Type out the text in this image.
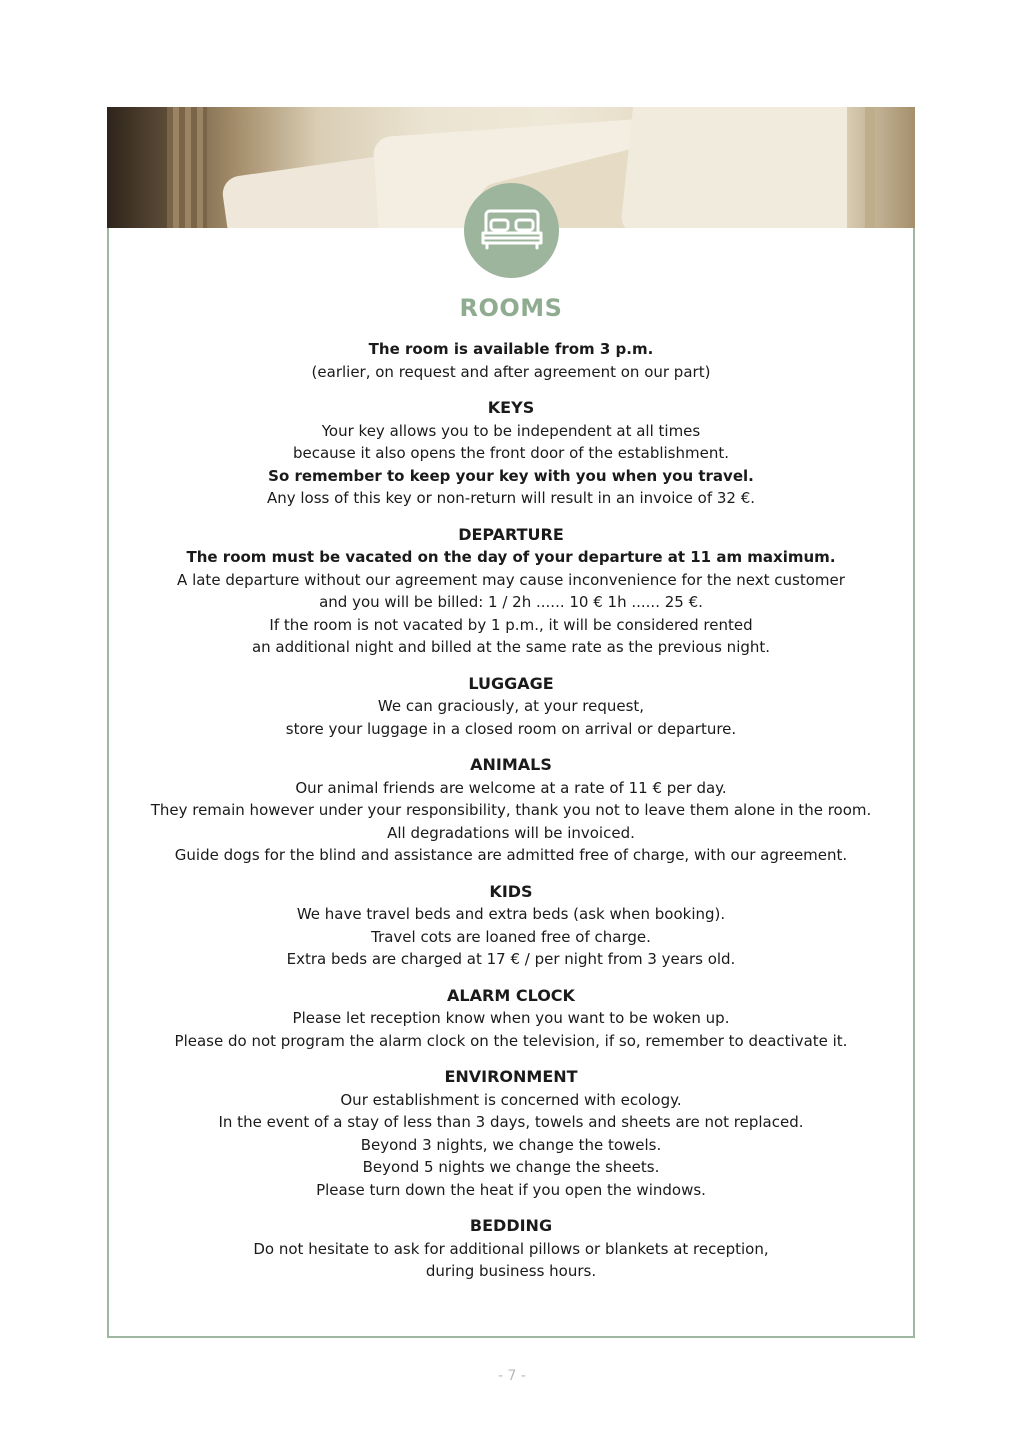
ROOMS
The room is available from 3 p.m.
(earlier, on request and after agreement on our part)
KEYS
Your key allows you to be independent at all times
because it also opens the front door of the establishment.
So remember to keep your key with you when you travel.
Any loss of this key or non-return will result in an invoice of 32 €.
DEPARTURE
The room must be vacated on the day of your departure at 11 am maximum.
A late departure without our agreement may cause inconvenience for the next customer
and you will be billed: 1 / 2h ...... 10 € 1h ...... 25 €.
If the room is not vacated by 1 p.m., it will be considered rented
an additional night and billed at the same rate as the previous night.
LUGGAGE
We can graciously, at your request,
store your luggage in a closed room on arrival or departure.
ANIMALS
Our animal friends are welcome at a rate of 11 € per day.
They remain however under your responsibility, thank you not to leave them alone in the room.
All degradations will be invoiced.
Guide dogs for the blind and assistance are admitted free of charge, with our agreement.
KIDS
We have travel beds and extra beds (ask when booking).
Travel cots are loaned free of charge.
Extra beds are charged at 17 € / per night from 3 years old.
ALARM CLOCK
Please let reception know when you want to be woken up.
Please do not program the alarm clock on the television, if so, remember to deactivate it.
ENVIRONMENT
Our establishment is concerned with ecology.
In the event of a stay of less than 3 days, towels and sheets are not replaced.
Beyond 3 nights, we change the towels.
Beyond 5 nights we change the sheets.
Please turn down the heat if you open the windows.
BEDDING
Do not hesitate to ask for additional pillows or blankets at reception,
during business hours.
- 7 -
